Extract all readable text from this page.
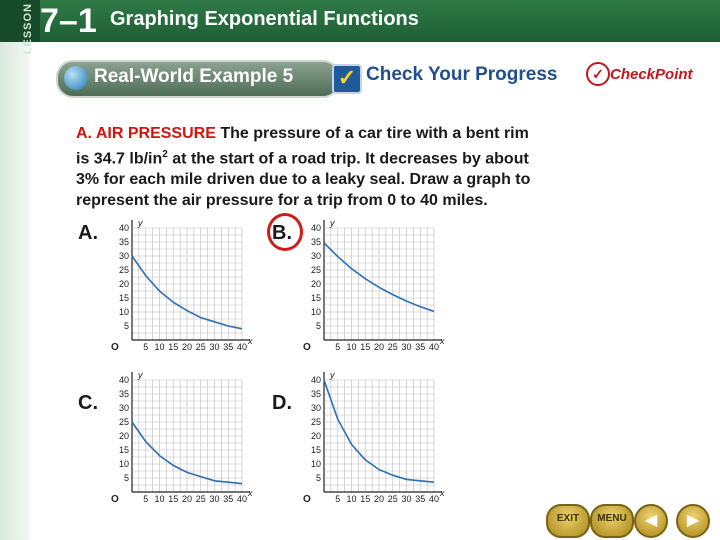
LESSON 7–1 Graphing Exponential Functions
Real-World Example 5 ✓ Check Your Progress	✓ CheckPoint
A. AIR PRESSURE The pressure of a car tire with a bent rim
is 34.7 $lb/in^2$ at the start of a road trip. It decreases by about
3% for each mile driven due to a leaky seal. Draw a graph to
represent the air pressure for a trip from 0 to 40 miles.
A.	B.
C.	D.
y
x
O
40
35
30
25
20
15
10
5
5 10 15 20 25 30 35 40
y
x
O
40
35
30
25
20
15
10
5
5 10 15 20 25 30 35 40
y
x
O
40
35
30
25
20
15
10
5
5 10 15 20 25 30 35 40
y
x
O
40
35
30
25
20
15
10
5
5 10 15 20 25 30 35 40
EXIT	MENU	◀	▶
